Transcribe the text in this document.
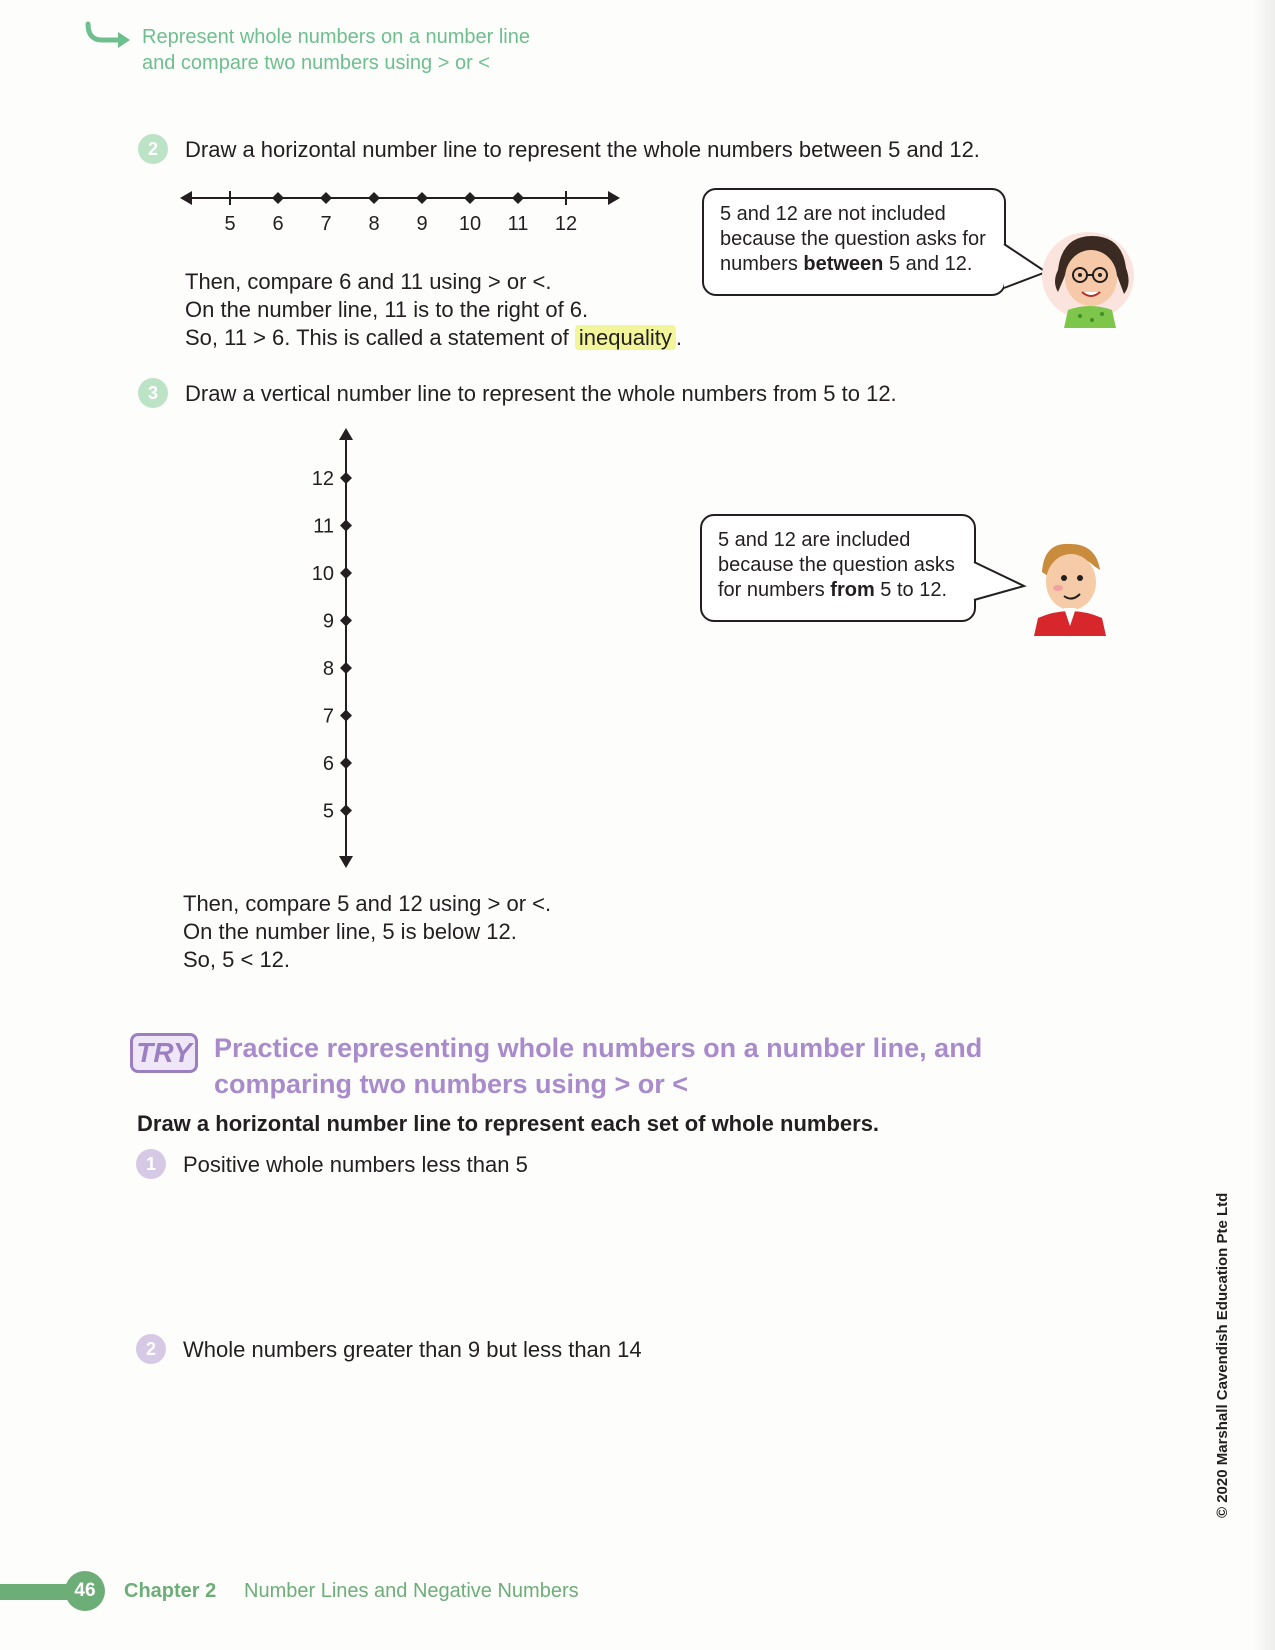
Represent whole numbers on a number line
and compare two numbers using > or <
2	Draw a horizontal number line to represent the whole numbers between 5 and 12.
5 6 7 8 9 10 11 12
Then, compare 6 and 11 using > or <.
On the number line, 11 is to the right of 6.
So, 11 > 6. This is called a statement of inequality .
5 and 12 are not included
because the question asks for
numbers between 5 and 12.
3	Draw a vertical number line to represent the whole numbers from 5 to 12.
12
11
10
9
8
7
6
5
5 and 12 are included
because the question asks
for numbers from 5 to 12.
Then, compare 5 and 12 using > or <.
On the number line, 5 is below 12.
So, 5 < 12.
TRY Practice representing whole numbers on a number line, and
comparing two numbers using > or <
Draw a horizontal number line to represent each set of whole numbers.
1	Positive whole numbers less than 5
2	Whole numbers greater than 9 but less than 14	© 2020 Marshall Cavendish Education Pte Ltd
46	Chapter 2 Number Lines and Negative Numbers
